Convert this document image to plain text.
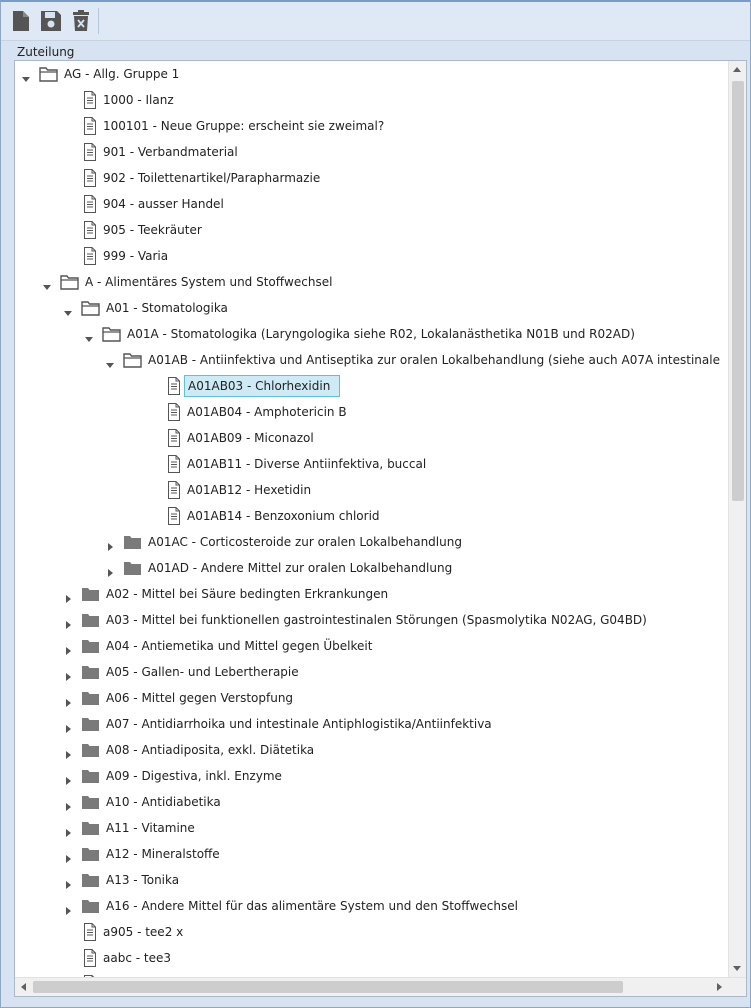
Zuteilung
AG - Allg. Gruppe 1
1000 - Ilanz
100101 - Neue Gruppe: erscheint sie zweimal?
901 - Verbandmaterial
902 - Toilettenartikel/Parapharmazie
904 - ausser Handel
905 - Teekräuter
999 - Varia
A - Alimentäres System und Stoffwechsel
A01 - Stomatologika
A01A - Stomatologika (Laryngologika siehe R02, Lokalanästhetika N01B und R02AD)
A01AB - Antiinfektiva und Antiseptika zur oralen Lokalbehandlung (siehe auch A07A intestinale
A01AB03 - Chlorhexidin
A01AB04 - Amphotericin B
A01AB09 - Miconazol
A01AB11 - Diverse Antiinfektiva, buccal
A01AB12 - Hexetidin
A01AB14 - Benzoxonium chlorid
A01AC - Corticosteroide zur oralen Lokalbehandlung
A01AD - Andere Mittel zur oralen Lokalbehandlung
A02 - Mittel bei Säure bedingten Erkrankungen
A03 - Mittel bei funktionellen gastrointestinalen Störungen (Spasmolytika N02AG, G04BD)
A04 - Antiemetika und Mittel gegen Übelkeit
A05 - Gallen- und Lebertherapie
A06 - Mittel gegen Verstopfung
A07 - Antidiarrhoika und intestinale Antiphlogistika/Antiinfektiva
A08 - Antiadiposita, exkl. Diätetika
A09 - Digestiva, inkl. Enzyme
A10 - Antidiabetika
A11 - Vitamine
A12 - Mineralstoffe
A13 - Tonika
A16 - Andere Mittel für das alimentäre System und den Stoffwechsel
a905 - tee2 x
aabc - tee3
